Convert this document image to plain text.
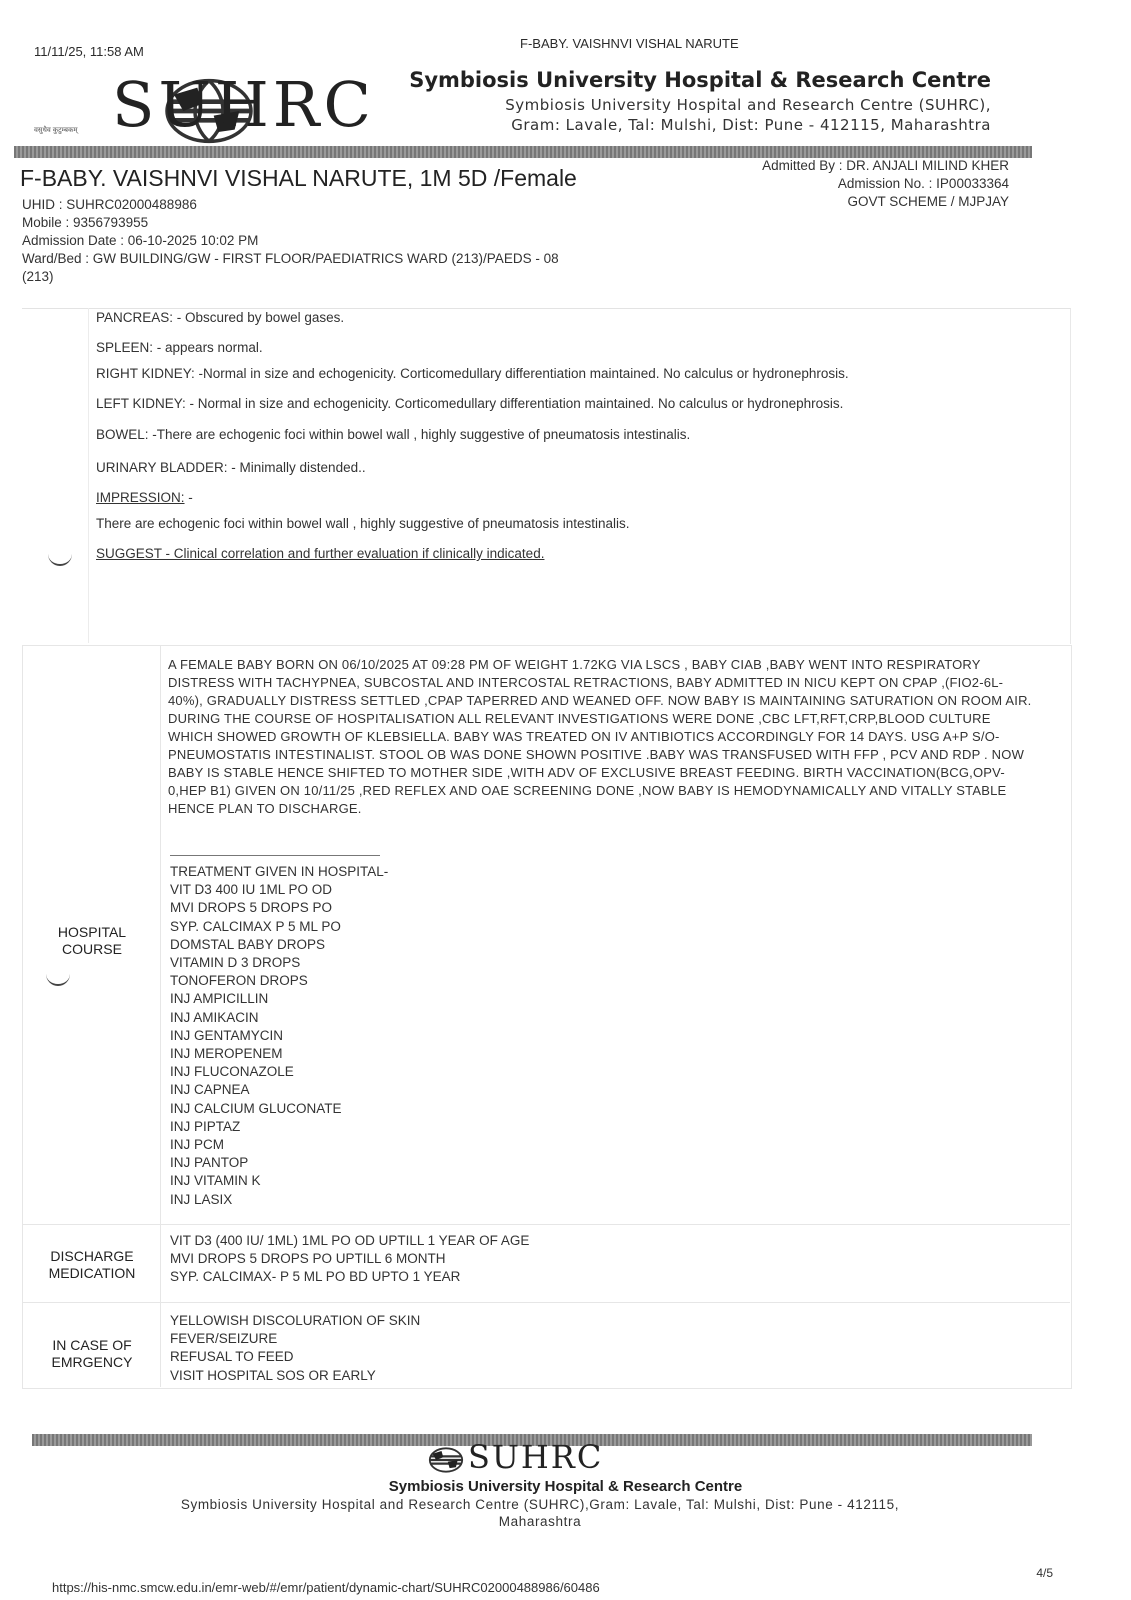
11/11/25, 11:58 AM
F-BABY. VAISHNVI VISHAL NARUTE
SUHRC
वसुधैव कुटुम्बकम्
Symbiosis University Hospital & Research Centre
Symbiosis University Hospital and Research Centre (SUHRC),
Gram: Lavale, Tal: Mulshi, Dist: Pune - 412115, Maharashtra
F-BABY. VAISHNVI VISHAL NARUTE, 1M 5D /Female
UHID : SUHRC02000488986
Mobile : 9356793955
Admission Date : 06-10-2025 10:02 PM
Ward/Bed : GW BUILDING/GW - FIRST FLOOR/PAEDIATRICS WARD (213)/PAEDS - 08
(213)
Admitted By : DR. ANJALI MILIND KHER
Admission No. : IP00033364
GOVT SCHEME / MJPJAY
PANCREAS: - Obscured by bowel gases.
SPLEEN: - appears normal.
RIGHT KIDNEY: -Normal in size and echogenicity. Corticomedullary differentiation maintained. No calculus or hydronephrosis.
LEFT KIDNEY: - Normal in size and echogenicity. Corticomedullary differentiation maintained. No calculus or hydronephrosis.
BOWEL: -There are echogenic foci within bowel wall , highly suggestive of pneumatosis intestinalis.
URINARY BLADDER: - Minimally distended..
IMPRESSION: -
There are echogenic foci within bowel wall , highly suggestive of pneumatosis intestinalis.
SUGGEST - Clinical correlation and further evaluation if clinically indicated.
HOSPITAL
COURSE
A FEMALE BABY BORN ON 06/10/2025 AT 09:28 PM OF WEIGHT 1.72KG VIA LSCS , BABY CIAB ,BABY WENT INTO RESPIRATORY DISTRESS WITH TACHYPNEA, SUBCOSTAL AND INTERCOSTAL RETRACTIONS, BABY ADMITTED IN NICU KEPT ON CPAP ,(FIO2-6L-40%), GRADUALLY DISTRESS SETTLED ,CPAP TAPERRED AND WEANED OFF. NOW BABY IS MAINTAINING SATURATION ON ROOM AIR. DURING THE COURSE OF HOSPITALISATION ALL RELEVANT INVESTIGATIONS WERE DONE ,CBC LFT,RFT,CRP,BLOOD CULTURE WHICH SHOWED GROWTH OF KLEBSIELLA. BABY WAS TREATED ON IV ANTIBIOTICS ACCORDINGLY FOR 14 DAYS. USG A+P S/O- PNEUMOSTATIS INTESTINALIST. STOOL OB WAS DONE SHOWN POSITIVE .BABY WAS TRANSFUSED WITH FFP , PCV AND RDP . NOW BABY IS STABLE HENCE SHIFTED TO MOTHER SIDE ,WITH ADV OF EXCLUSIVE BREAST FEEDING. BIRTH VACCINATION(BCG,OPV-0,HEP B1) GIVEN ON 10/11/25 ,RED REFLEX AND OAE SCREENING DONE ,NOW BABY IS HEMODYNAMICALLY AND VITALLY STABLE HENCE PLAN TO DISCHARGE.
TREATMENT GIVEN IN HOSPITAL-
VIT D3 400 IU 1ML PO OD
MVI DROPS 5 DROPS PO
SYP. CALCIMAX P 5 ML PO
DOMSTAL BABY DROPS
VITAMIN D 3 DROPS
TONOFERON DROPS
INJ AMPICILLIN
INJ AMIKACIN
INJ GENTAMYCIN
INJ MEROPENEM
INJ FLUCONAZOLE
INJ CAPNEA
INJ CALCIUM GLUCONATE
INJ PIPTAZ
INJ PCM
INJ PANTOP
INJ VITAMIN K
INJ LASIX
DISCHARGE
MEDICATION
VIT D3 (400 IU/ 1ML) 1ML PO OD UPTILL 1 YEAR OF AGE
MVI DROPS 5 DROPS PO UPTILL 6 MONTH
SYP. CALCIMAX- P 5 ML PO BD UPTO 1 YEAR
IN CASE OF
EMRGENCY
YELLOWISH DISCOLURATION OF SKIN
FEVER/SEIZURE
REFUSAL TO FEED
VISIT HOSPITAL SOS OR EARLY
SUHRC
Symbiosis University Hospital & Research Centre
Symbiosis University Hospital and Research Centre (SUHRC),Gram: Lavale, Tal: Mulshi, Dist: Pune - 412115,
Maharashtra
https://his-nmc.smcw.edu.in/emr-web/#/emr/patient/dynamic-chart/SUHRC02000488986/60486
4/5
